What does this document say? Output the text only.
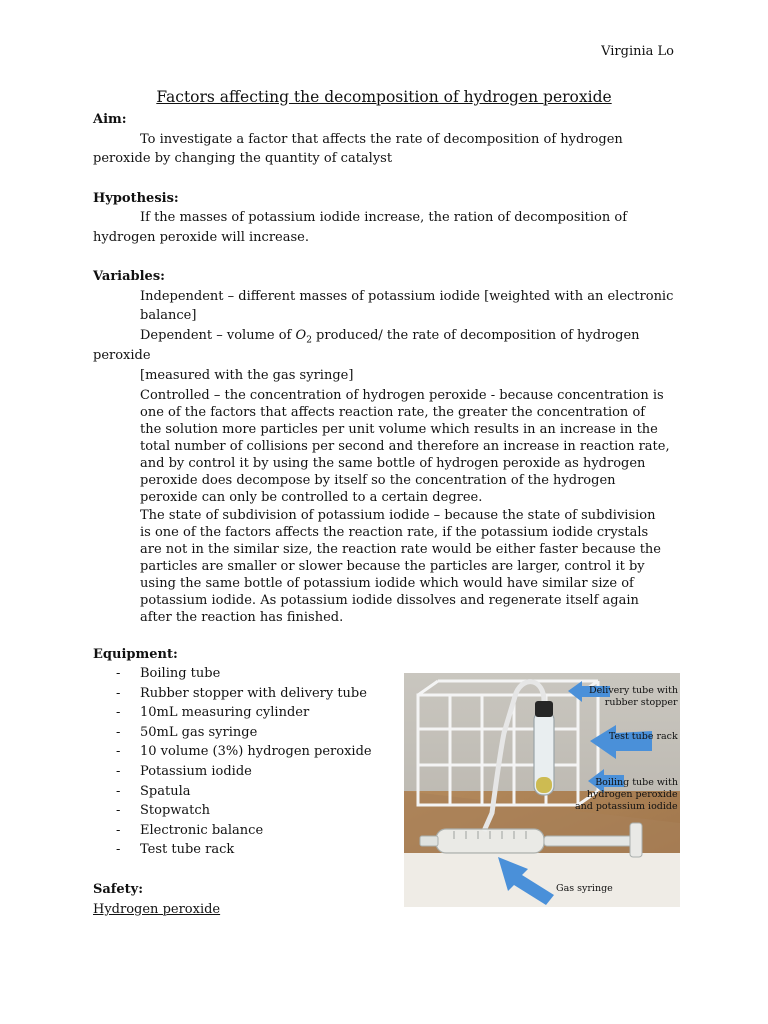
Virginia Lo
Factors affecting the decomposition of hydrogen peroxide
Aim:
To investigate a factor that affects the rate of decomposition of hydrogen
peroxide by changing the quantity of catalyst
Hypothesis:
If the masses of potassium iodide increase, the ration of decomposition of
hydrogen peroxide will increase.
Variables:
Independent – different masses of potassium iodide [weighted with an electronic
balance]
Dependent – volume of $O_2$ produced/ the rate of decomposition of hydrogen
peroxide
[measured with the gas syringe]
Controlled – the concentration of hydrogen peroxide - because concentration is one of the factors that affects reaction rate, the greater the concentration of the solution more particles per unit volume which results in an increase in the total number of collisions per second and therefore an increase in reaction rate, and by control it by using the same bottle of hydrogen peroxide as hydrogen peroxide does decompose by itself so the concentration of the hydrogen peroxide can only be controlled to a certain degree.
The state of subdivision of potassium iodide – because the state of subdivision is one of the factors affects the reaction rate, if the potassium iodide crystals are not in the similar size, the reaction rate would be either faster because the particles are smaller or slower because the particles are larger, control it by using the same bottle of potassium iodide which would have similar size of potassium iodide. As potassium iodide dissolves and regenerate itself again after the reaction has finished.
Equipment:
-	Boiling tube
-	Rubber stopper with delivery tube
-	10mL measuring cylinder
-	50mL gas syringe
-	10 volume (3%) hydrogen peroxide
-	Potassium iodide
-	Spatula
-	Stopwatch
-	Electronic balance
-	Test tube rack
Delivery tube with
rubber stopper
Test tube rack
Boiling tube with
hydrogen peroxide
and potassium iodide
Gas syringe
Safety:
Hydrogen peroxide
